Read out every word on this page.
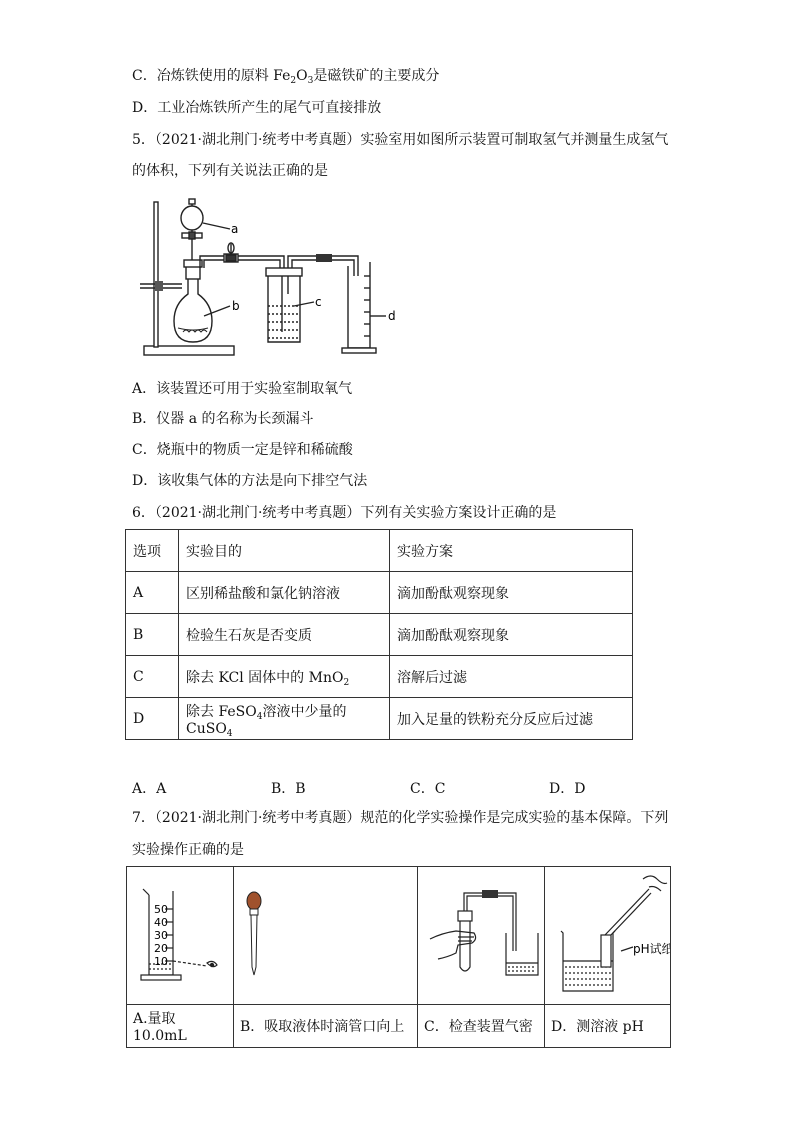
C．冶炼铁使用的原料 $Fe_2O_3$是磁铁矿的主要成分
D．工业冶炼铁所产生的尾气可直接排放
5．（2021·湖北荆门·统考中考真题）实验室用如图所示装置可制取氢气并测量生成氢气
的体积，下列有关说法正确的是
a
b	c
d
A．该装置还可用于实验室制取氧气
B．仪器 a 的名称为长颈漏斗
C．烧瓶中的物质一定是锌和稀硫酸
D．该收集气体的方法是向下排空气法
6．（2021·湖北荆门·统考中考真题）下列有关实验方案设计正确的是
选项	实验目的	实验方案
A	区别稀盐酸和氯化钠溶液	滴加酚酞观察现象
B	检验生石灰是否变质	滴加酚酞观察现象
C	除去 KCl 固体中的 MnO$_2$	溶解后过滤
D	除去 FeSO$_4$溶液中少量的 CuSO$_4$	加入足量的铁粉充分反应后过滤
A．A	B．B	C．C	D．D
7．（2021·湖北荆门·统考中考真题）规范的化学实验操作是完成实验的基本保障。下列
实验操作正确的是
50
40
30
20
10			pH试纸

A.量取 10.0mL	B．吸取液体时滴管口向上	C．检查装置气密	D．测溶液 pH
